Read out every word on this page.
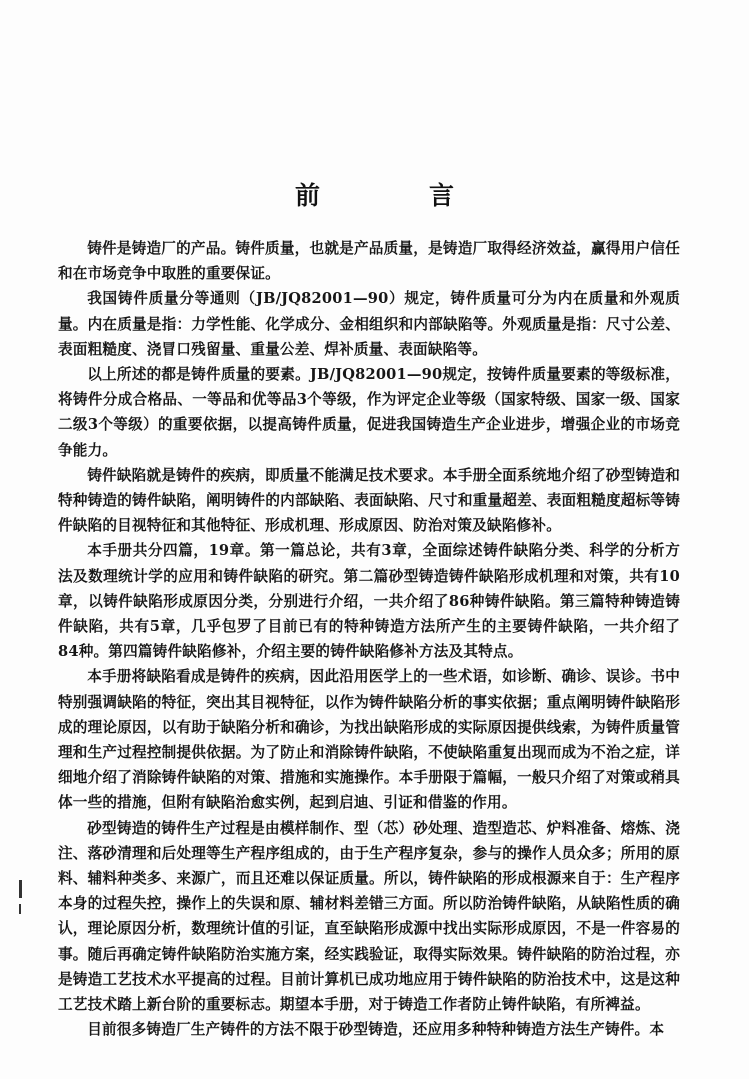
前　言

铸件是铸造厂的产品。铸件质量，也就是产品质量，是铸造厂取得经济效益，赢得用户信任和在市场竞争中取胜的重要保证。

我国铸件质量分等通则（JB/JQ82001—90）规定，铸件质量可分为内在质量和外观质量。内在质量是指：力学性能、化学成分、金相组织和内部缺陷等。外观质量是指：尺寸公差、表面粗糙度、浇冒口残留量、重量公差、焊补质量、表面缺陷等。

以上所述的都是铸件质量的要素。JB/JQ82001—90规定，按铸件质量要素的等级标准，将铸件分成合格品、一等品和优等品3个等级，作为评定企业等级（国家特级、国家一级、国家二级3个等级）的重要依据，以提高铸件质量，促进我国铸造生产企业进步，增强企业的市场竞争能力。

铸件缺陷就是铸件的疾病，即质量不能满足技术要求。本手册全面系统地介绍了砂型铸造和特种铸造的铸件缺陷，阐明铸件的内部缺陷、表面缺陷、尺寸和重量超差、表面粗糙度超标等铸件缺陷的目视特征和其他特征、形成机理、形成原因、防治对策及缺陷修补。

本手册共分四篇，19章。第一篇总论，共有3章，全面综述铸件缺陷分类、科学的分析方法及数理统计学的应用和铸件缺陷的研究。第二篇砂型铸造铸件缺陷形成机理和对策，共有10章，以铸件缺陷形成原因分类，分别进行介绍，一共介绍了86种铸件缺陷。第三篇特种铸造铸件缺陷，共有5章，几乎包罗了目前已有的特种铸造方法所产生的主要铸件缺陷，一共介绍了84种。第四篇铸件缺陷修补，介绍主要的铸件缺陷修补方法及其特点。

本手册将缺陷看成是铸件的疾病，因此沿用医学上的一些术语，如诊断、确诊、误诊。书中特别强调缺陷的特征，突出其目视特征，以作为铸件缺陷分析的事实依据；重点阐明铸件缺陷形成的理论原因，以有助于缺陷分析和确诊，为找出缺陷形成的实际原因提供线索，为铸件质量管理和生产过程控制提供依据。为了防止和消除铸件缺陷，不使缺陷重复出现而成为不治之症，详细地介绍了消除铸件缺陷的对策、措施和实施操作。本手册限于篇幅，一般只介绍了对策或稍具体一些的措施，但附有缺陷治愈实例，起到启迪、引证和借鉴的作用。

砂型铸造的铸件生产过程是由模样制作、型（芯）砂处理、造型造芯、炉料准备、熔炼、浇注、落砂清理和后处理等生产程序组成的，由于生产程序复杂，参与的操作人员众多；所用的原料、辅料种类多、来源广，而且还难以保证质量。所以，铸件缺陷的形成根源来自于：生产程序本身的过程失控，操作上的失误和原、辅材料差错三方面。所以防治铸件缺陷，从缺陷性质的确认，理论原因分析，数理统计值的引证，直至缺陷形成源中找出实际形成原因，不是一件容易的事。随后再确定铸件缺陷防治实施方案，经实践验证，取得实际效果。铸件缺陷的防治过程，亦是铸造工艺技术水平提高的过程。目前计算机已成功地应用于铸件缺陷的防治技术中，这是这种工艺技术踏上新台阶的重要标志。期望本手册，对于铸造工作者防止铸件缺陷，有所裨益。

目前很多铸造厂生产铸件的方法不限于砂型铸造，还应用多种特种铸造方法生产铸件。本
